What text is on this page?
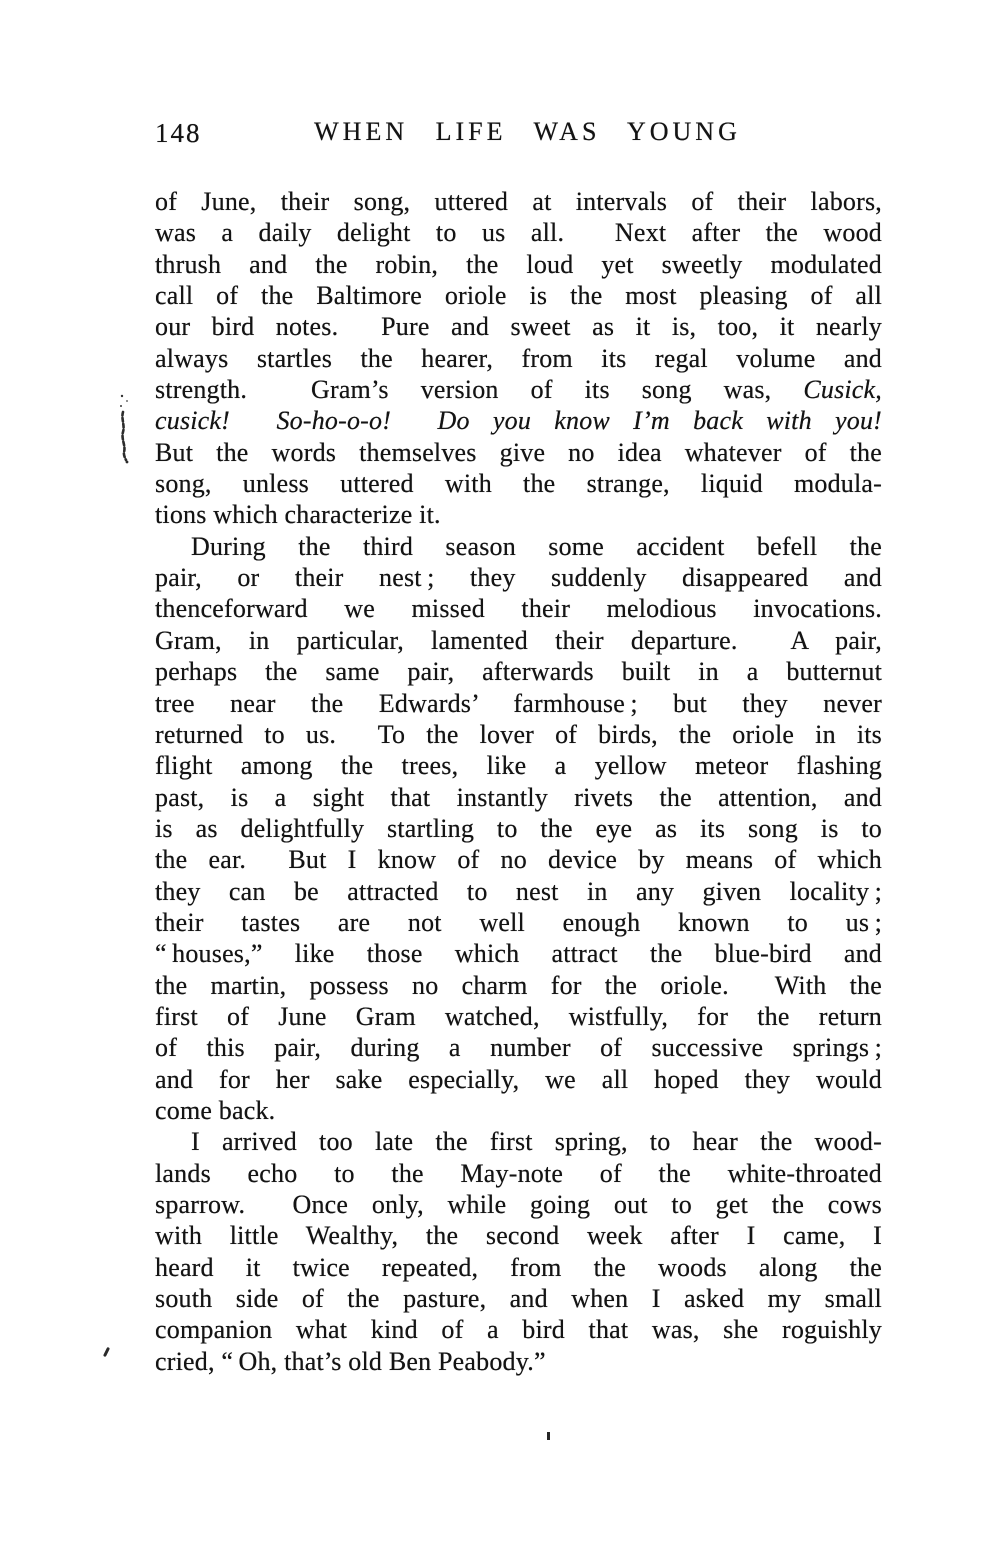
148	WHEN LIFE WAS YOUNG
of June, their song, uttered at intervals of their labors,
was a daily delight to us all.  Next after the wood
thrush and the robin, the loud yet sweetly modulated
call of the Baltimore oriole is the most pleasing of all
our bird notes.  Pure and sweet as it is, too, it nearly
always startles the hearer, from its regal volume and
strength.  Gram’s version of its song was, Cusick,
cusick!  So-ho-o-o!  Do you know I’m back with you!
But the words themselves give no idea whatever of the
song, unless uttered with the strange, liquid modula-
tions which characterize it.
During the third season some accident befell the
pair, or their nest ; they suddenly disappeared and
thenceforward we missed their melodious invocations.
Gram, in particular, lamented their departure.  A pair,
perhaps the same pair, afterwards built in a butternut
tree near the Edwards’ farmhouse ; but they never
returned to us.  To the lover of birds, the oriole in its
flight among the trees, like a yellow meteor flashing
past, is a sight that instantly rivets the attention, and
is as delightfully startling to the eye as its song is to
the ear.  But I know of no device by means of which
they can be attracted to nest in any given locality ;
their tastes are not well enough known to us ;
“ houses,” like those which attract the blue-bird and
the martin, possess no charm for the oriole.  With the
first of June Gram watched, wistfully, for the return
of this pair, during a number of successive springs ;
and for her sake especially, we all hoped they would
come back.
I arrived too late the first spring, to hear the wood-
lands echo to the May-note of the white-throated
sparrow.  Once only, while going out to get the cows
with little Wealthy, the second week after I came, I
heard it twice repeated, from the woods along the
south side of the pasture, and when I asked my small
companion what kind of a bird that was, she roguishly
cried, “ Oh, that’s old Ben Peabody.”
